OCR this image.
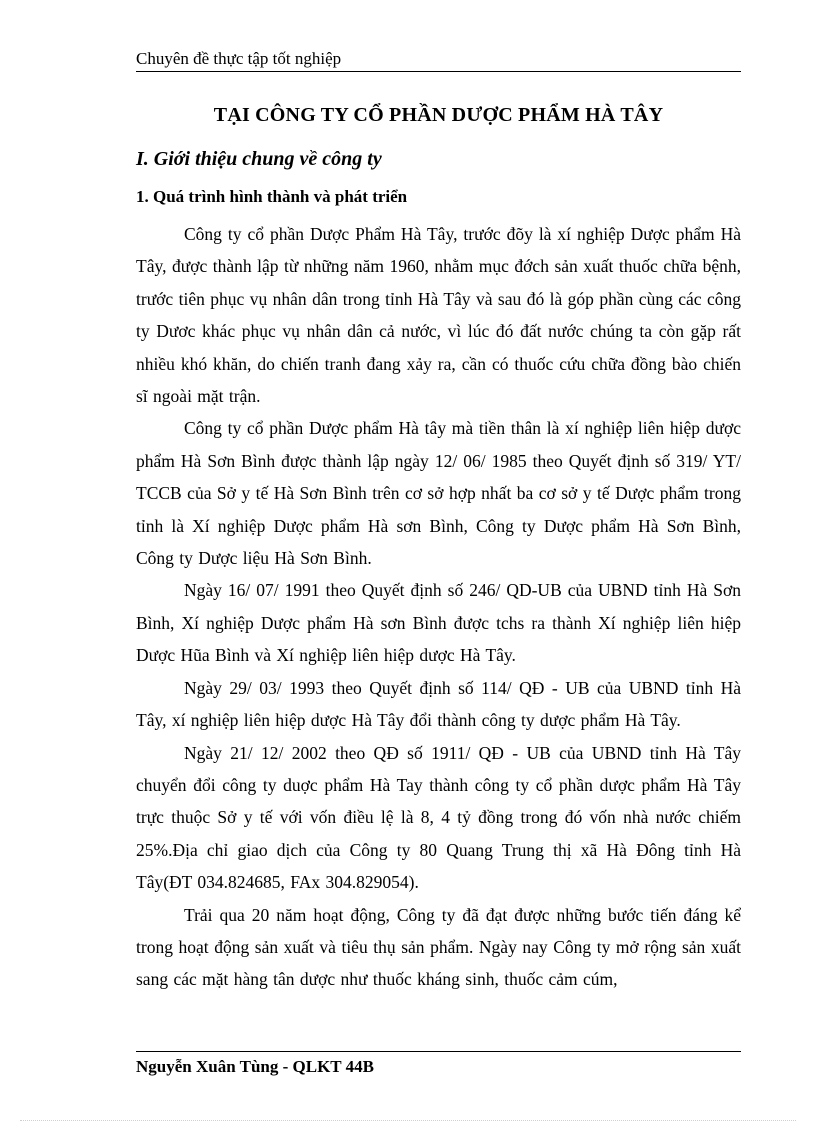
Chuyên đề thực tập tốt nghiệp
TẠI CÔNG TY CỔ PHẦN DƯỢC PHẨM HÀ TÂY
I. Giới thiệu chung về công ty
1. Quá trình hình thành và phát triển

Công ty cổ phần Dược Phẩm Hà Tây, trước đõy là xí nghiệp Dược phẩm Hà Tây, được thành lập từ những năm 1960, nhằm mục đớch sản xuất thuốc chữa bệnh, trước tiên phục vụ nhân dân trong tỉnh Hà Tây và sau đó là góp phần cùng các công ty Dươc khác phục vụ nhân dân cả nước, vì lúc đó đất nước chúng ta còn gặp rất nhiều khó khăn, do chiến tranh đang xảy ra, cần có thuốc cứu chữa đồng bào chiến sĩ ngoài mặt trận.

Công ty cổ phần Dược phẩm Hà tây mà tiền thân là xí nghiệp liên hiệp dược phẩm Hà Sơn Bình được thành lập ngày 12/ 06/ 1985 theo Quyết định số 319/ YT/ TCCB của Sở y tế Hà Sơn Bình trên cơ sở hợp nhất ba cơ sở y tế Dược phẩm trong tỉnh là Xí nghiệp Dược phẩm Hà sơn Bình, Công ty Dược phẩm Hà Sơn Bình, Công ty Dược liệu Hà Sơn Bình.

Ngày 16/ 07/ 1991 theo Quyết định số 246/ QD-UB của UBND tỉnh Hà Sơn Bình, Xí nghiệp Dược phẩm Hà sơn Bình được tchs ra thành Xí nghiệp liên hiệp Dược Hũa Bình và Xí nghiệp liên hiệp dược Hà Tây.

Ngày 29/ 03/ 1993 theo Quyết định số 114/ QĐ - UB của UBND tỉnh Hà Tây, xí nghiệp liên hiệp dược Hà Tây đổi thành công ty dược phẩm Hà Tây.

Ngày 21/ 12/ 2002 theo QĐ số 1911/ QĐ - UB của UBND tỉnh Hà Tây chuyển đổi công ty duợc phẩm Hà Tay thành công ty cổ phần dược phẩm Hà Tây trực thuộc Sở y tế với vốn điều lệ là 8, 4 tỷ đồng trong đó vốn nhà nước chiếm 25%.Địa chỉ giao dịch của Công ty 80 Quang Trung thị xã Hà Đông tỉnh Hà Tây(ĐT 034.824685, FAx 304.829054).

Trải qua 20 năm hoạt động, Công ty đã đạt được những bước tiến đáng kể trong hoạt động sản xuất và tiêu thụ sản phẩm. Ngày nay Công ty mở rộng sản xuất sang các mặt hàng tân dược như thuốc kháng sinh, thuốc cảm cúm,

Nguyễn Xuân Tùng - QLKT 44B
